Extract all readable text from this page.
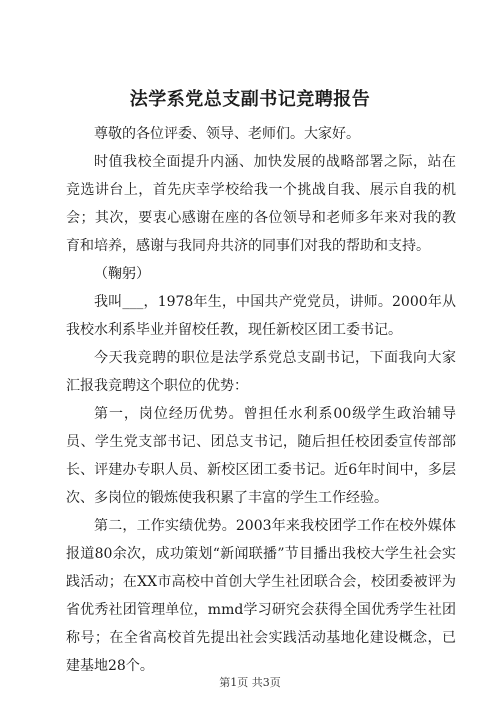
法学系党总支副书记竞聘报告

尊敬的各位评委、领导、老师们。大家好。

时值我校全面提升内涵、加快发展的战略部署之际，站在竞选讲台上，首先庆幸学校给我一个挑战自我、展示自我的机会；其次，要衷心感谢在座的各位领导和老师多年来对我的教育和培养，感谢与我同舟共济的同事们对我的帮助和支持。

（鞠躬）

我叫___，1978年生，中国共产党党员，讲师。2000年从我校水利系毕业并留校任教，现任新校区团工委书记。

今天我竞聘的职位是法学系党总支副书记，下面我向大家汇报我竞聘这个职位的优势：

第一，岗位经历优势。曾担任水利系00级学生政治辅导员、学生党支部书记、团总支书记，随后担任校团委宣传部部长、评建办专职人员、新校区团工委书记。近6年时间中，多层次、多岗位的锻炼使我积累了丰富的学生工作经验。

第二，工作实绩优势。2003年来我校团学工作在校外媒体报道80余次，成功策划“新闻联播”节目播出我校大学生社会实践活动；在XX市高校中首创大学生社团联合会，校团委被评为省优秀社团管理单位，mmd学习研究会获得全国优秀学生社团称号；在全省高校首先提出社会实践活动基地化建设概念，已建基地28个。

第1页 共3页
